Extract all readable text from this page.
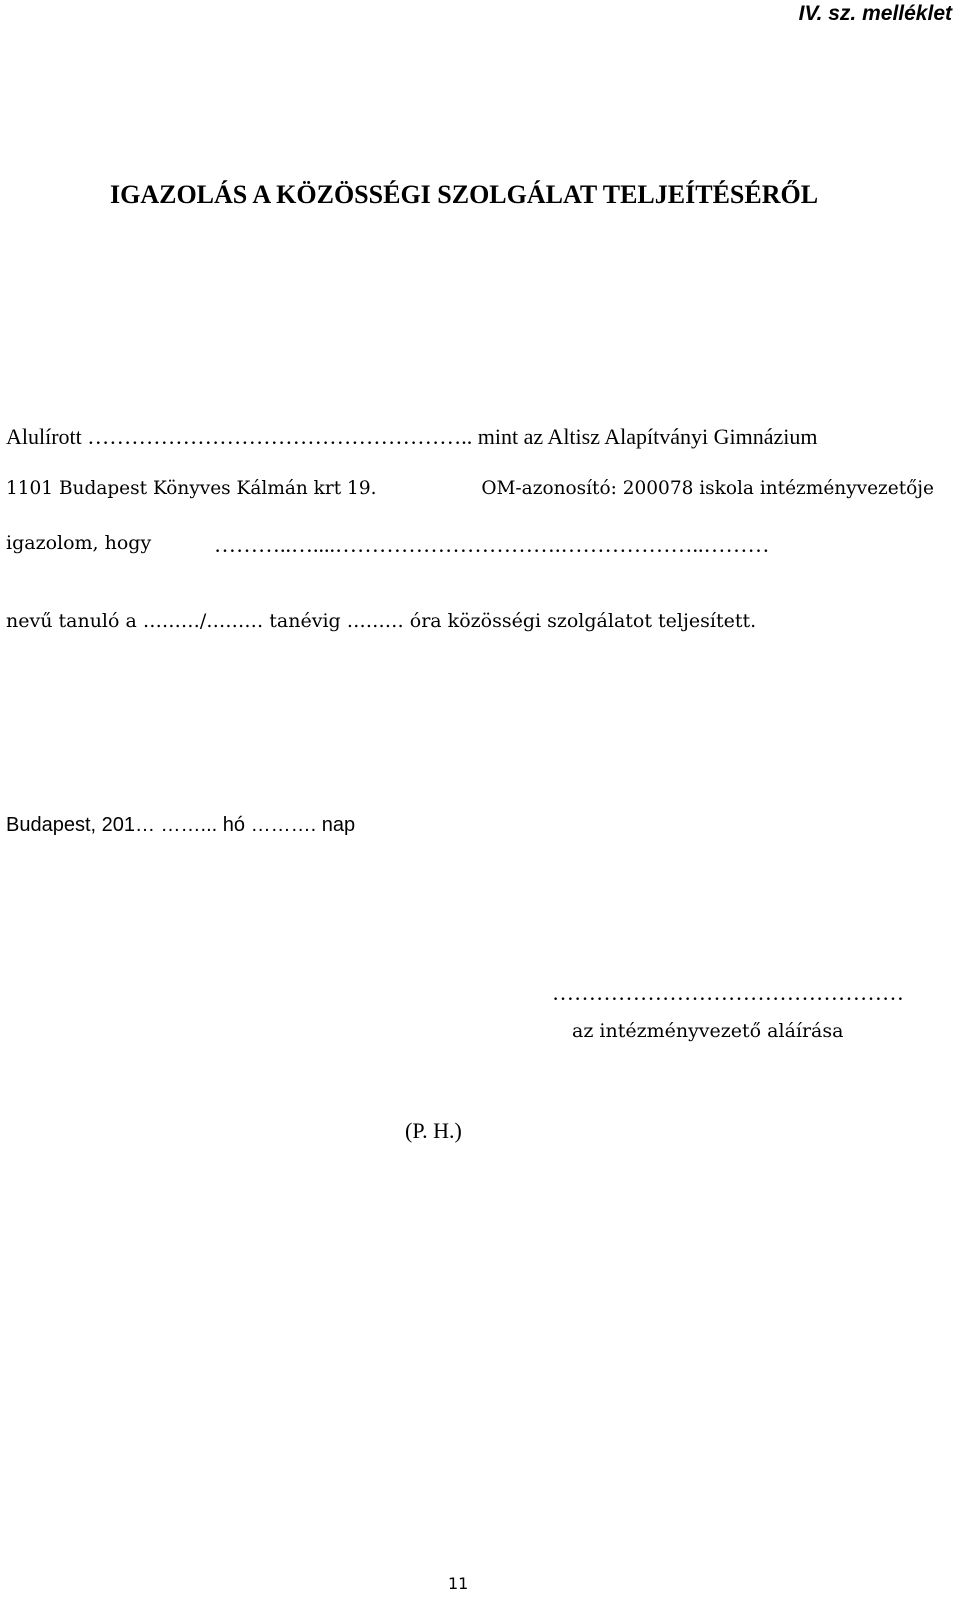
IV. sz. melléklet
IGAZOLÁS A KÖZÖSSÉGI SZOLGÁLAT TELJEÍTÉSÉRŐL
Alulírott …………………………………………….. mint az Altisz Alapítványi Gimnázium
1101 Budapest Könyves Kálmán krt 19.	OM-azonosító: 200078 iskola intézményvezetője
igazolom, hogy	………..…....………………………….………………..………
nevű tanuló a ………/……… tanévig ……… óra közösségi szolgálatot teljesített.
Budapest, 201… ……... hó ………. nap
…………………………………………
az intézményvezető aláírása
(P. H.)
11
